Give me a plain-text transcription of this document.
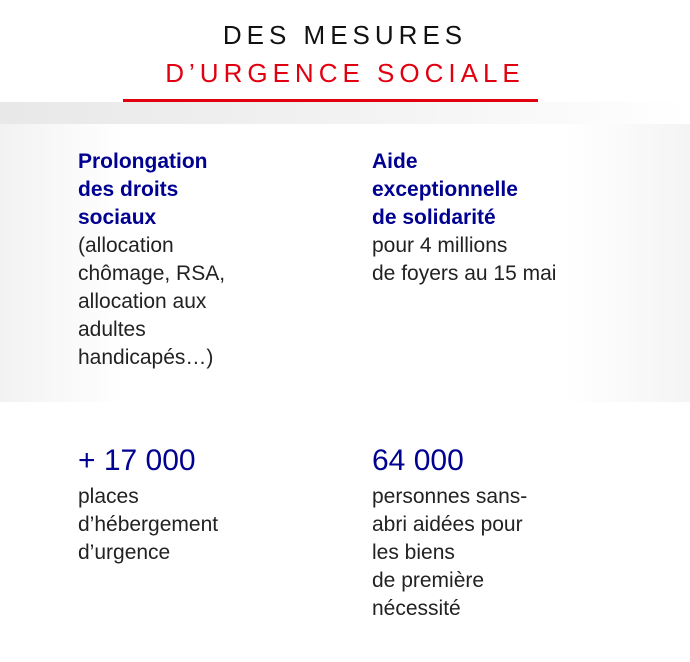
DES MESURES
D’URGENCE SOCIALE
Prolongation
des droits
sociaux
(allocation
chômage, RSA,
allocation aux
adultes
handicapés…)
Aide
exceptionnelle
de solidarité
pour 4 millions
de foyers au 15 mai
+ 17 000
places
d’hébergement
d’urgence
64 000
personnes sans-
abri aidées pour
les biens
de première
nécessité
